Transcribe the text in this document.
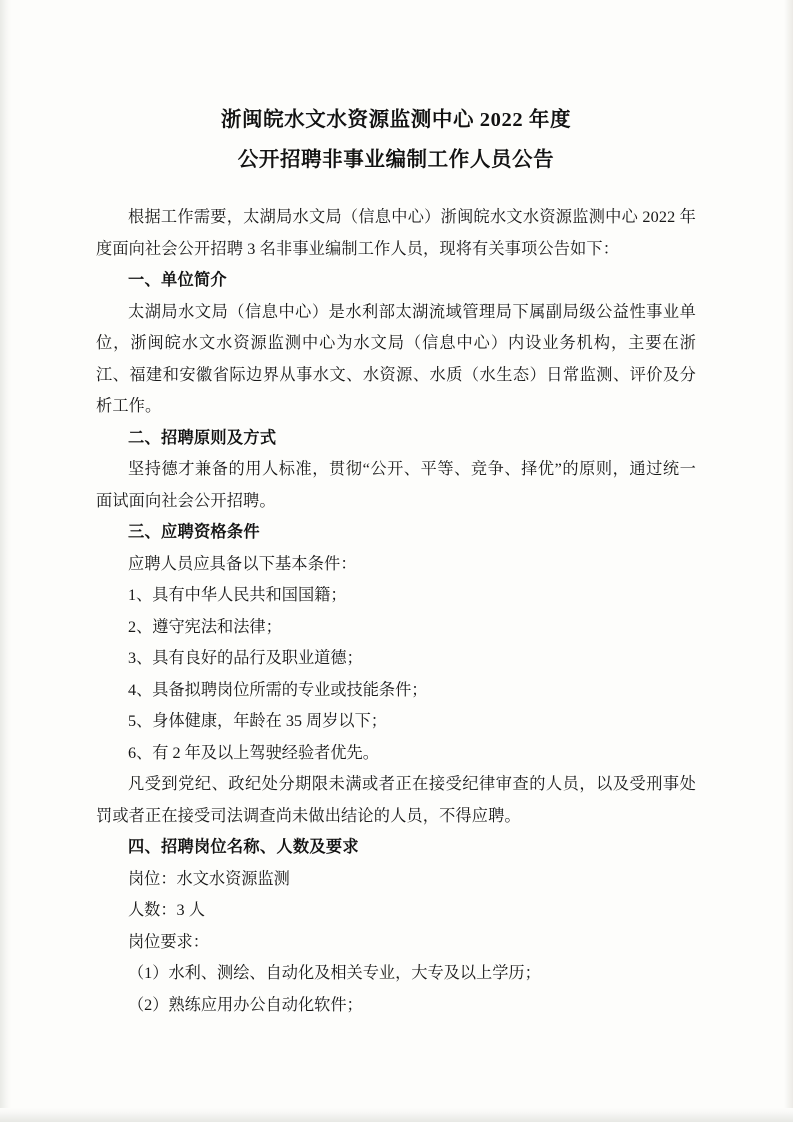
浙闽皖水文水资源监测中心 2022 年度
公开招聘非事业编制工作人员公告
根据工作需要，太湖局水文局（信息中心）浙闽皖水文水资源监测中心 2022 年度面向社会公开招聘 3 名非事业编制工作人员，现将有关事项公告如下：
一、单位简介
太湖局水文局（信息中心）是水利部太湖流域管理局下属副局级公益性事业单位，浙闽皖水文水资源监测中心为水文局（信息中心）内设业务机构，主要在浙江、福建和安徽省际边界从事水文、水资源、水质（水生态）日常监测、评价及分析工作。
二、招聘原则及方式
坚持德才兼备的用人标准，贯彻“公开、平等、竞争、择优”的原则，通过统一面试面向社会公开招聘。
三、应聘资格条件
应聘人员应具备以下基本条件：
1、具有中华人民共和国国籍；
2、遵守宪法和法律；
3、具有良好的品行及职业道德；
4、具备拟聘岗位所需的专业或技能条件；
5、身体健康，年龄在 35 周岁以下；
6、有 2 年及以上驾驶经验者优先。
凡受到党纪、政纪处分期限未满或者正在接受纪律审查的人员，以及受刑事处罚或者正在接受司法调查尚未做出结论的人员，不得应聘。
四、招聘岗位名称、人数及要求
岗位：水文水资源监测
人数：3 人
岗位要求：
（1）水利、测绘、自动化及相关专业，大专及以上学历；
（2）熟练应用办公自动化软件；
